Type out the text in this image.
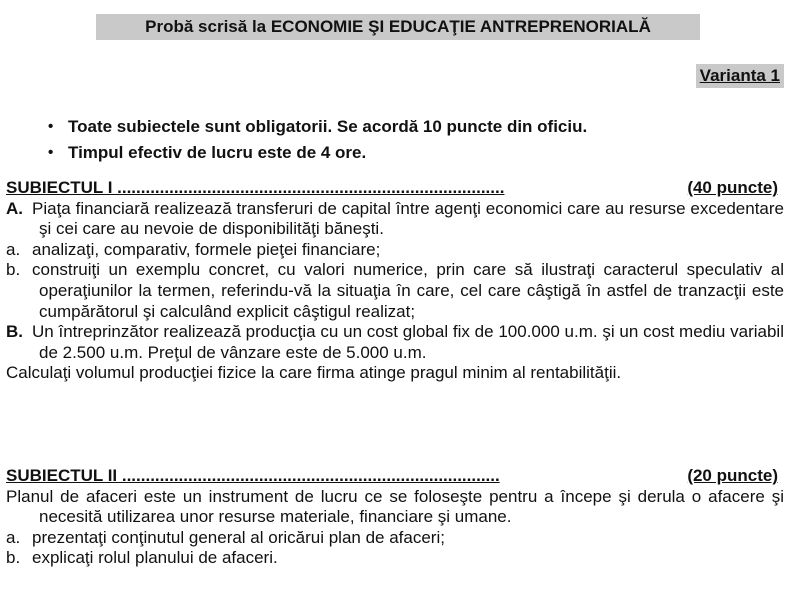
Probă scrisă la ECONOMIE ŞI EDUCAŢIE ANTREPRENORIALĂ
Varianta 1
• Toate subiectele sunt obligatorii. Se acordă 10 puncte din oficiu.
• Timpul efectiv de lucru este de 4 ore.
SUBIECTUL I ..................................................................................	(40 puncte)
A. Piaţa financiară realizează transferuri de capital între agenţi economici care au resurse excedentare şi cei care au nevoie de disponibilităţi băneşti.
a. analizaţi, comparativ, formele pieţei financiare;
b. construiţi un exemplu concret, cu valori numerice, prin care să ilustraţi caracterul speculativ al operaţiunilor la termen, referindu-vă la situaţia în care, cel care câştigă în astfel de tranzacţii este cumpărătorul şi calculând explicit câştigul realizat;
B. Un întreprinzător realizează producţia cu un cost global fix de 100.000 u.m. şi un cost mediu variabil de 2.500 u.m. Preţul de vânzare este de 5.000 u.m.
Calculaţi volumul producţiei fizice la care firma atinge pragul minim al rentabilităţii.
SUBIECTUL II ................................................................................	(20 puncte)
Planul de afaceri este un instrument de lucru ce se foloseşte pentru a începe şi derula o afacere şi necesită utilizarea unor resurse materiale, financiare şi umane.
a. prezentaţi conţinutul general al oricărui plan de afaceri;
b. explicaţi rolul planului de afaceri.
